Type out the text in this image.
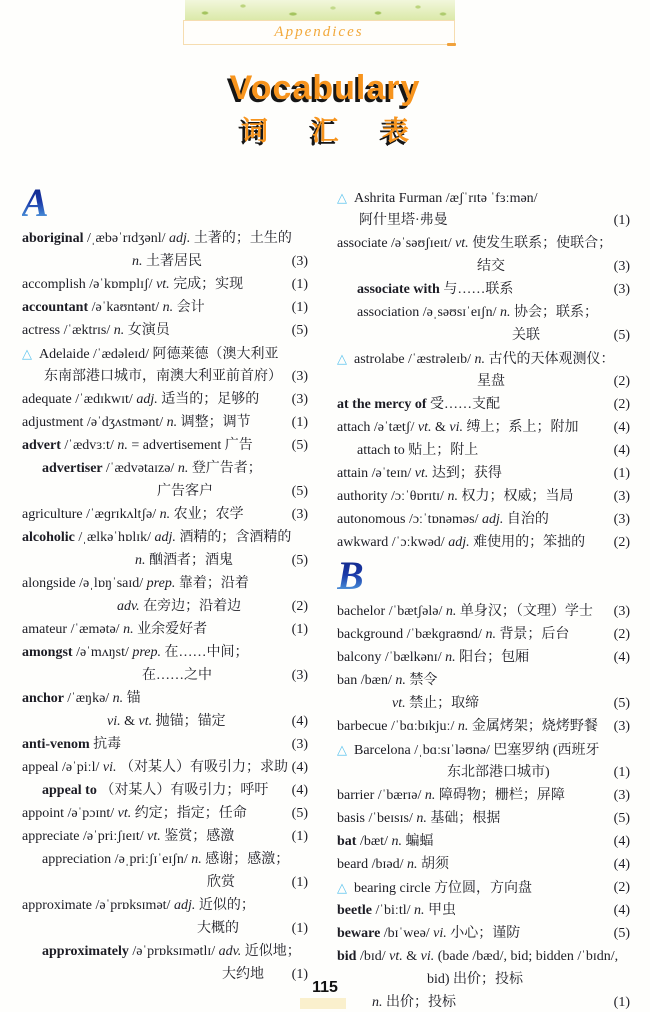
Appendices
Vocabulary
词 汇 表
A
aboriginal /ˌæbəˈrɪdʒənl/ adj. 土著的；土生的
n. 土著居民	(3)
accomplish /əˈkɒmplɪʃ/ vt. 完成；实现	(1)
accountant /əˈkaʊntənt/ n. 会计	(1)
actress /ˈæktrɪs/ n. 女演员	(5)
△ Adelaide /ˈædəleɪd/ 阿德莱德（澳大利亚
东南部港口城市，南澳大利亚前首府） (3)
adequate /ˈædɪkwɪt/ adj. 适当的；足够的 (3)
adjustment /əˈdʒʌstmənt/ n. 调整；调节	(1)
advert /ˈædvɜːt/ n. = advertisement 广告	(5)
advertiser /ˈædvətaɪzə/ n. 登广告者；
广告客户	(5)
agriculture /ˈæɡrɪkʌltʃə/ n. 农业；农学	(3)
alcoholic /ˌælkəˈhɒlɪk/ adj. 酒精的；含酒精的
n. 酗酒者；酒鬼	(5)
alongside /əˌlɒŋˈsaɪd/ prep. 靠着；沿着
adv. 在旁边；沿着边	(2)
amateur /ˈæmətə/ n. 业余爱好者	(1)
amongst /əˈmʌŋst/ prep. 在……中间；
在……之中	(3)
anchor /ˈæŋkə/ n. 锚
vi. & vt. 抛锚；锚定	(4)
anti-venom 抗毒	(3)
appeal /əˈpiːl/ vi. （对某人）有吸引力；求助 (4)
appeal to （对某人）有吸引力；呼吁 (4)
appoint /əˈpɔɪnt/ vt. 约定；指定；任命	(5)
appreciate /əˈpriːʃɪeɪt/ vt. 鉴赏；感激	(1)
appreciation /əˌpriːʃɪˈeɪʃn/ n. 感谢；感激；
欣赏	(1)
approximate /əˈprɒksɪmət/ adj. 近似的；
大概的	(1)
approximately /əˈprɒksɪmətlɪ/ adv. 近似地；
大约地 (1)
△ Ashrita Furman /æʃˈrɪtə ˈfɜːmən/
阿什里塔·弗曼	(1)
associate /əˈsəʊʃɪeɪt/ vt. 使发生联系；使联合；
结交	(3)
associate with 与……联系	(3)
association /əˌsəʊsɪˈeɪʃn/ n. 协会；联系；
关联	(5)
△ astrolabe /ˈæstrəleɪb/ n. 古代的天体观测仪：
星盘	(2)
at the mercy of 受……支配	(2)
attach /əˈtætʃ/ vt. & vi. 缚上；系上；附加	(4)
attach to 贴上；附上	(4)
attain /əˈteɪn/ vt. 达到；获得	(1)
authority /ɔːˈθɒrɪtɪ/ n. 权力；权威；当局	(3)
autonomous /ɔːˈtɒnəməs/ adj. 自治的	(3)
awkward /ˈɔːkwəd/ adj. 难使用的；笨拙的 (2)
B
bachelor /ˈbætʃələ/ n. 单身汉；（文理）学士 (3)
background /ˈbækɡraʊnd/ n. 背景；后台	(2)
balcony /ˈbælkənɪ/ n. 阳台；包厢	(4)
ban /bæn/ n. 禁令
vt. 禁止；取缔	(5)
barbecue /ˈbɑːbɪkjuː/ n. 金属烤架；烧烤野餐 (3)
△ Barcelona /ˌbɑːsɪˈləʊnə/ 巴塞罗纳 (西班牙
东北部港口城市)	(1)
barrier /ˈbærɪə/ n. 障碍物；栅栏；屏障	(3)
basis /ˈbeɪsɪs/ n. 基础；根据	(5)
bat /bæt/ n. 蝙蝠	(4)
beard /bɪəd/ n. 胡须	(4)
△ bearing circle 方位圆，方向盘	(2)
beetle /ˈbiːtl/ n. 甲虫	(4)
beware /bɪˈweə/ vi. 小心；谨防	(5)
bid /bɪd/ vt. & vi. (bade /bæd/, bid; bidden /ˈbɪdn/,
bid) 出价；投标
n. 出价；投标	(1)
115
